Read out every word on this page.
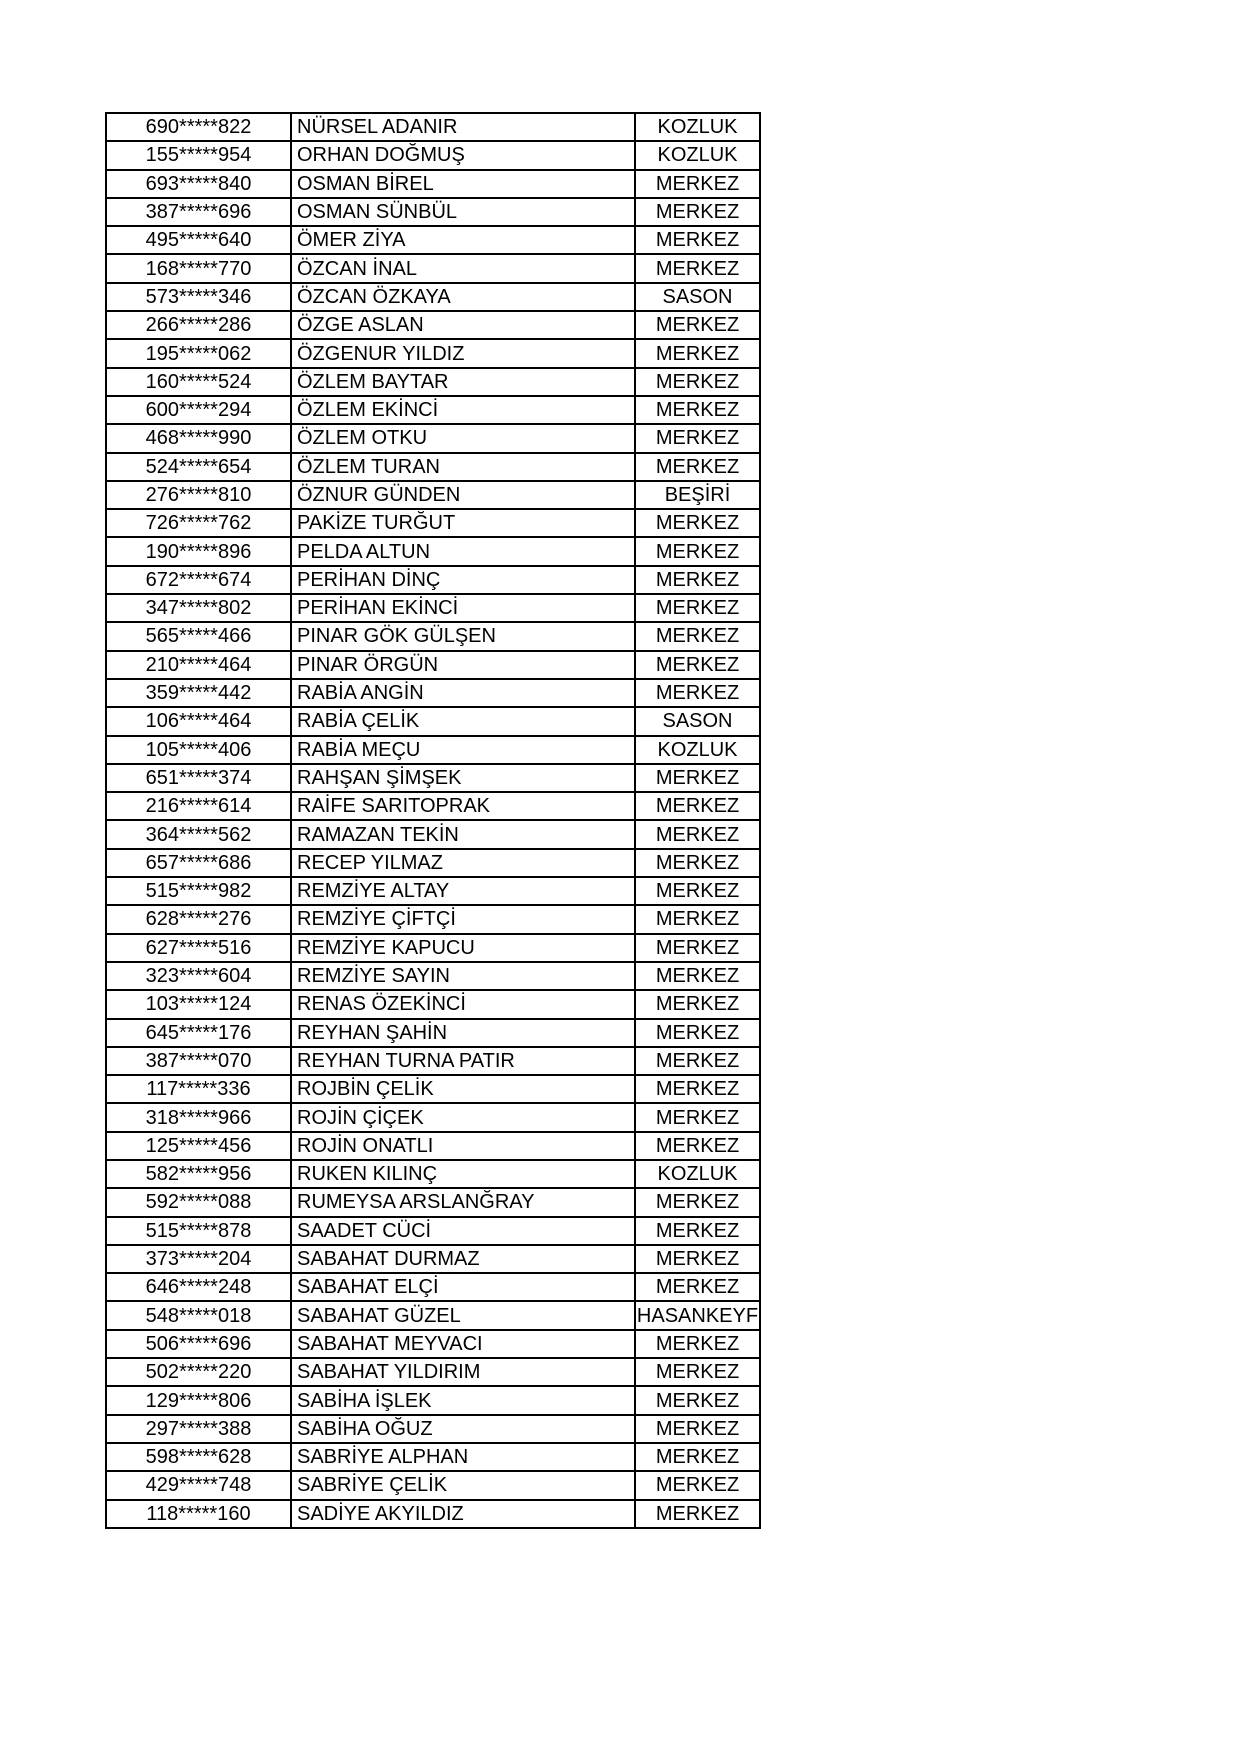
690*****822	NÜRSEL ADANIR	KOZLUK
155*****954	ORHAN DOĞMUŞ	KOZLUK
693*****840	OSMAN BİREL	MERKEZ
387*****696	OSMAN SÜNBÜL	MERKEZ
495*****640	ÖMER ZİYA	MERKEZ
168*****770	ÖZCAN İNAL	MERKEZ
573*****346	ÖZCAN ÖZKAYA	SASON
266*****286	ÖZGE ASLAN	MERKEZ
195*****062	ÖZGENUR YILDIZ	MERKEZ
160*****524	ÖZLEM BAYTAR	MERKEZ
600*****294	ÖZLEM EKİNCİ	MERKEZ
468*****990	ÖZLEM OTKU	MERKEZ
524*****654	ÖZLEM TURAN	MERKEZ
276*****810	ÖZNUR GÜNDEN	BEŞİRİ
726*****762	PAKİZE TURĞUT	MERKEZ
190*****896	PELDA ALTUN	MERKEZ
672*****674	PERİHAN DİNÇ	MERKEZ
347*****802	PERİHAN EKİNCİ	MERKEZ
565*****466	PINAR GÖK GÜLŞEN	MERKEZ
210*****464	PINAR ÖRGÜN	MERKEZ
359*****442	RABİA ANGİN	MERKEZ
106*****464	RABİA ÇELİK	SASON
105*****406	RABİA MEÇU	KOZLUK
651*****374	RAHŞAN ŞİMŞEK	MERKEZ
216*****614	RAİFE SARITOPRAK	MERKEZ
364*****562	RAMAZAN TEKİN	MERKEZ
657*****686	RECEP YILMAZ	MERKEZ
515*****982	REMZİYE ALTAY	MERKEZ
628*****276	REMZİYE ÇİFTÇİ	MERKEZ
627*****516	REMZİYE KAPUCU	MERKEZ
323*****604	REMZİYE SAYIN	MERKEZ
103*****124	RENAS ÖZEKİNCİ	MERKEZ
645*****176	REYHAN ŞAHİN	MERKEZ
387*****070	REYHAN TURNA PATIR	MERKEZ
117*****336	ROJBİN ÇELİK	MERKEZ
318*****966	ROJİN ÇİÇEK	MERKEZ
125*****456	ROJİN ONATLI	MERKEZ
582*****956	RUKEN KILINÇ	KOZLUK
592*****088	RUMEYSA ARSLANĞRAY	MERKEZ
515*****878	SAADET CÜCİ	MERKEZ
373*****204	SABAHAT DURMAZ	MERKEZ
646*****248	SABAHAT ELÇİ	MERKEZ
548*****018	SABAHAT GÜZEL	HASANKEYF
506*****696	SABAHAT MEYVACI	MERKEZ
502*****220	SABAHAT YILDIRIM	MERKEZ
129*****806	SABİHA İŞLEK	MERKEZ
297*****388	SABİHA OĞUZ	MERKEZ
598*****628	SABRİYE ALPHAN	MERKEZ
429*****748	SABRİYE ÇELİK	MERKEZ
118*****160	SADİYE AKYILDIZ	MERKEZ
